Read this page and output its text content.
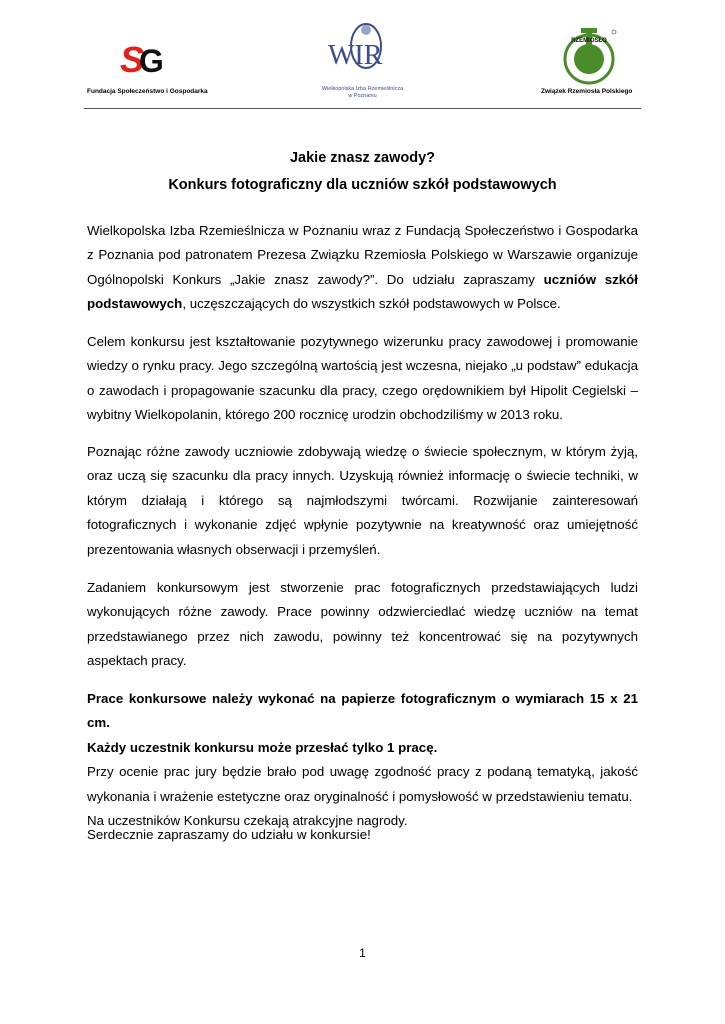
S
G
Fundacja Społeczeństwo i Gospodarka
WIR
Wielkopolska Izba Rzemieślnicza
w Poznaniu
RZEMIOSŁO
Związek Rzemiosła Polskiego
Jakie znasz zawody?
Konkurs fotograficzny dla uczniów szkół podstawowych

Wielkopolska Izba Rzemieślnicza w Poznaniu wraz z Fundacją Społeczeństwo i Gospodarka z Poznania pod patronatem Prezesa Związku Rzemiosła Polskiego w Warszawie organizuje Ogólnopolski Konkurs „Jakie znasz zawody?”. Do udziału zapraszamy uczniów szkół podstawowych, uczęszczających do wszystkich szkół podstawowych w Polsce.

Celem konkursu jest kształtowanie pozytywnego wizerunku pracy zawodowej i promowanie wiedzy o rynku pracy. Jego szczególną wartością jest wczesna, niejako „u podstaw” edukacja o zawodach i propagowanie szacunku dla pracy, czego orędownikiem był Hipolit Cegielski – wybitny Wielkopolanin, którego 200 rocznicę urodzin obchodziliśmy w 2013 roku.

Poznając różne zawody uczniowie zdobywają wiedzę o świecie społecznym, w którym żyją, oraz uczą się szacunku dla pracy innych. Uzyskują również informację o świecie techniki, w którym działają i którego są najmłodszymi twórcami. Rozwijanie zainteresowań fotograficznych i wykonanie zdjęć wpłynie pozytywnie na kreatywność oraz umiejętność prezentowania własnych obserwacji i przemyśleń.

Zadaniem konkursowym jest stworzenie prac fotograficznych przedstawiających ludzi wykonujących różne zawody. Prace powinny odzwierciedlać wiedzę uczniów na temat przedstawianego przez nich zawodu, powinny też koncentrować się na pozytywnych aspektach pracy.

Prace konkursowe należy wykonać na papierze fotograficznym o wymiarach 15 x 21 cm.

Każdy uczestnik konkursu może przesłać tylko 1 pracę.

Przy ocenie prac jury będzie brało pod uwagę zgodność pracy z podaną tematyką, jakość wykonania i wrażenie estetyczne oraz oryginalność i pomysłowość w przedstawieniu tematu.

Na uczestników Konkursu czekają atrakcyjne nagrody.

Serdecznie zapraszamy do udziału w konkursie!

1
